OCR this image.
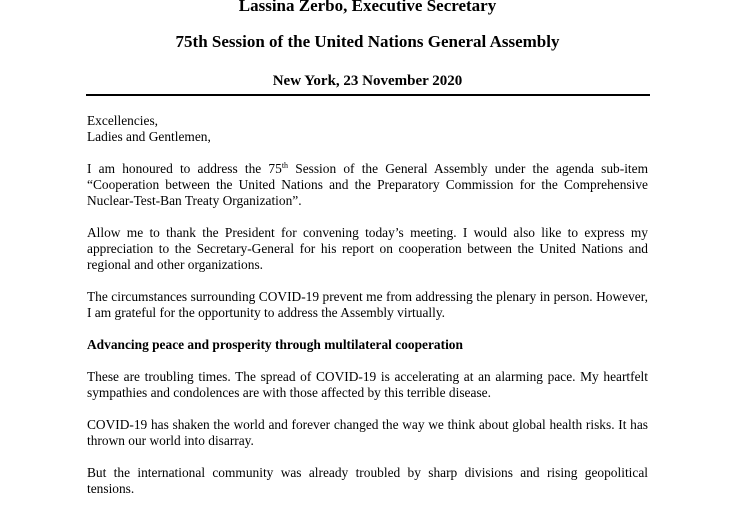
Lassina Zerbo, Executive Secretary
75th Session of the United Nations General Assembly
New York, 23 November 2020

Excellencies,

Ladies and Gentlemen,

I am honoured to address the 75th Session of the General Assembly under the agenda sub-item “Cooperation between the United Nations and the Preparatory Commission for the Comprehensive Nuclear-Test-Ban Treaty Organization”.

Allow me to thank the President for convening today’s meeting. I would also like to express my appreciation to the Secretary-General for his report on cooperation between the United Nations and regional and other organizations.

The circumstances surrounding COVID-19 prevent me from addressing the plenary in person. However, I am grateful for the opportunity to address the Assembly virtually.

Advancing peace and prosperity through multilateral cooperation

These are troubling times. The spread of COVID-19 is accelerating at an alarming pace. My heartfelt sympathies and condolences are with those affected by this terrible disease.

COVID-19 has shaken the world and forever changed the way we think about global health risks. It has thrown our world into disarray.

But the international community was already troubled by sharp divisions and rising geopolitical tensions.
